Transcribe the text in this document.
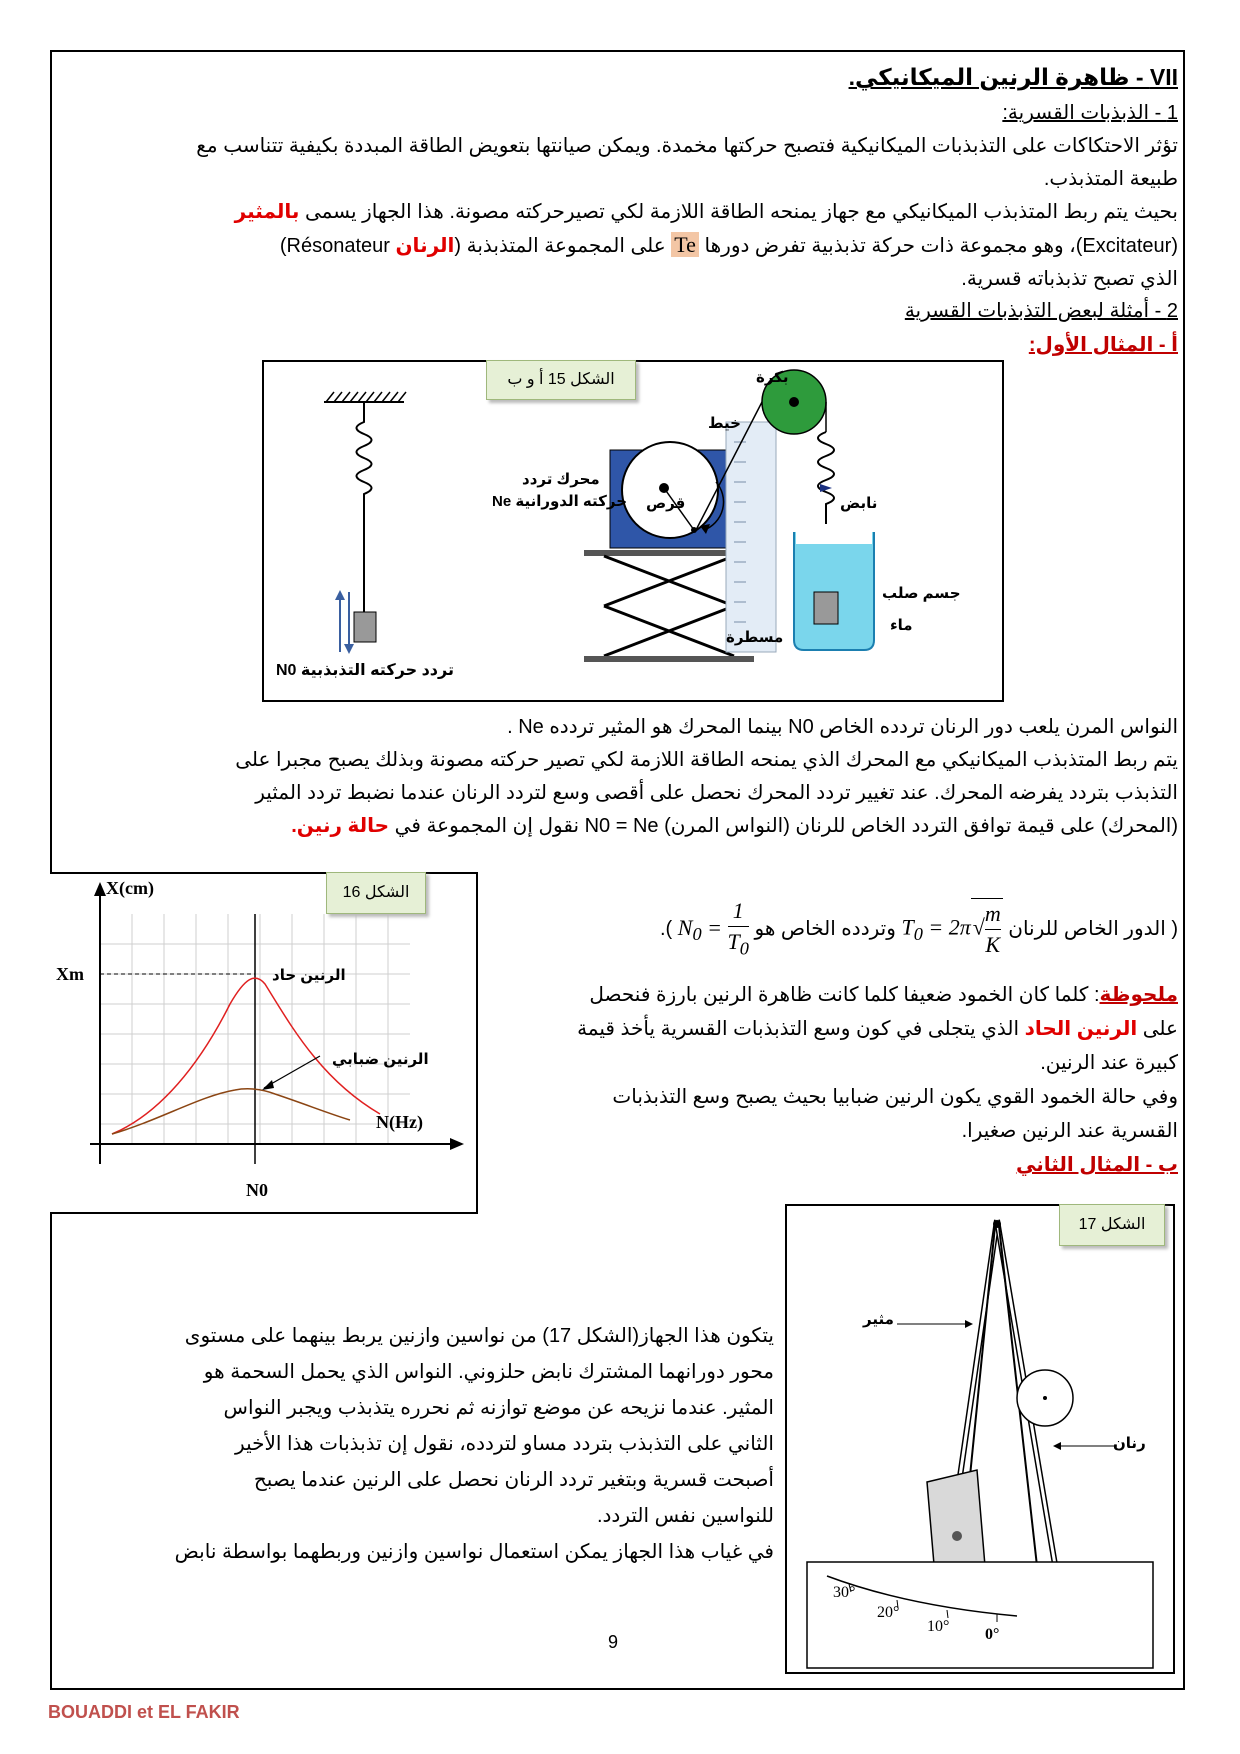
VII - ظاهرة الرنين الميكانيكي.
1 - الذبذبات القسرية:
تؤثر الاحتكاكات على التذبذبات الميكانيكية فتصبح حركتها مخمدة. ويمكن صيانتها بتعويض الطاقة المبددة بكيفية تتناسب مع
طبيعة المتذبذب.
بحيث يتم ربط المتذبذب الميكانيكي مع جهاز يمنحه الطاقة اللازمة لكي تصيرحركته مصونة. هذا الجهاز يسمى بالمثير
(Excitateur)، وهو مجموعة ذات حركة تذبذبية تفرض دورها Te على المجموعة المتذبذبة (الرنان Résonateur)
الذي تصبح تذبذباته قسرية.
2 - أمثلة لبعض التذبذبات القسرية
أ - المثال الأول:
الشكل 15 أ و ب	بكرة
خيط
محرك تردد
حركته الدورانية Ne قرص	نابض
جسم صلب
ماء
مسطرة
تردد حركته التذبذبية N0
النواس المرن يلعب دور الرنان تردده الخاص N0 بينما المحرك هو المثير تردده Ne .
يتم ربط المتذبذب الميكانيكي مع المحرك الذي يمنحه الطاقة اللازمة لكي تصير حركته مصونة وبذلك يصبح مجبرا على
التذبذب بتردد يفرضه المحرك. عند تغيير تردد المحرك نحصل على أقصى وسع لتردد الرنان عندما نضبط تردد المثير
(المحرك) على قيمة توافق التردد الخاص للرنان (النواس المرن) N0 = Ne نقول إن المجموعة في حالة رنين.
الشكل 16
X(cm)
Xm
N(Hz)
N0
الرنين حاد
الرنين ضبابي
( الدور الخاص للرنان $T_0 = 2\pi√ \frac{m}{K}$
وتردده الخاص هو $N_0 = \frac{1}{T_0}$
).
ملحوظة: كلما كان الخمود ضعيفا كلما كانت ظاهرة الرنين بارزة فنحصل
على الرنين الحاد الذي يتجلى في كون وسع التذبذبات القسرية يأخذ قيمة
كبيرة عند الرنين.
وفي حالة الخمود القوي يكون الرنين ضبابيا بحيث يصبح وسع التذبذبات
القسرية عند الرنين صغيرا.
ب - المثال الثاني
الشكل 17
مثير
رنان
30°
20°
10° 0°
يتكون هذا الجهاز(الشكل 17) من نواسين وازنين يربط بينهما على مستوى
محور دورانهما المشترك نابض حلزوني. النواس الذي يحمل السحمة هو
المثير. عندما نزيحه عن موضع توازنه ثم نحرره يتذبذب ويجبر النواس
الثاني على التذبذب بتردد مساو لتردده، نقول إن تذبذبات هذا الأخير
أصبحت قسرية وبتغير تردد الرنان نحصل على الرنين عندما يصبح
للنواسين نفس التردد.
في غياب هذا الجهاز يمكن استعمال نواسين وازنين وربطهما بواسطة نابض
9
BOUADDI et EL FAKIR
